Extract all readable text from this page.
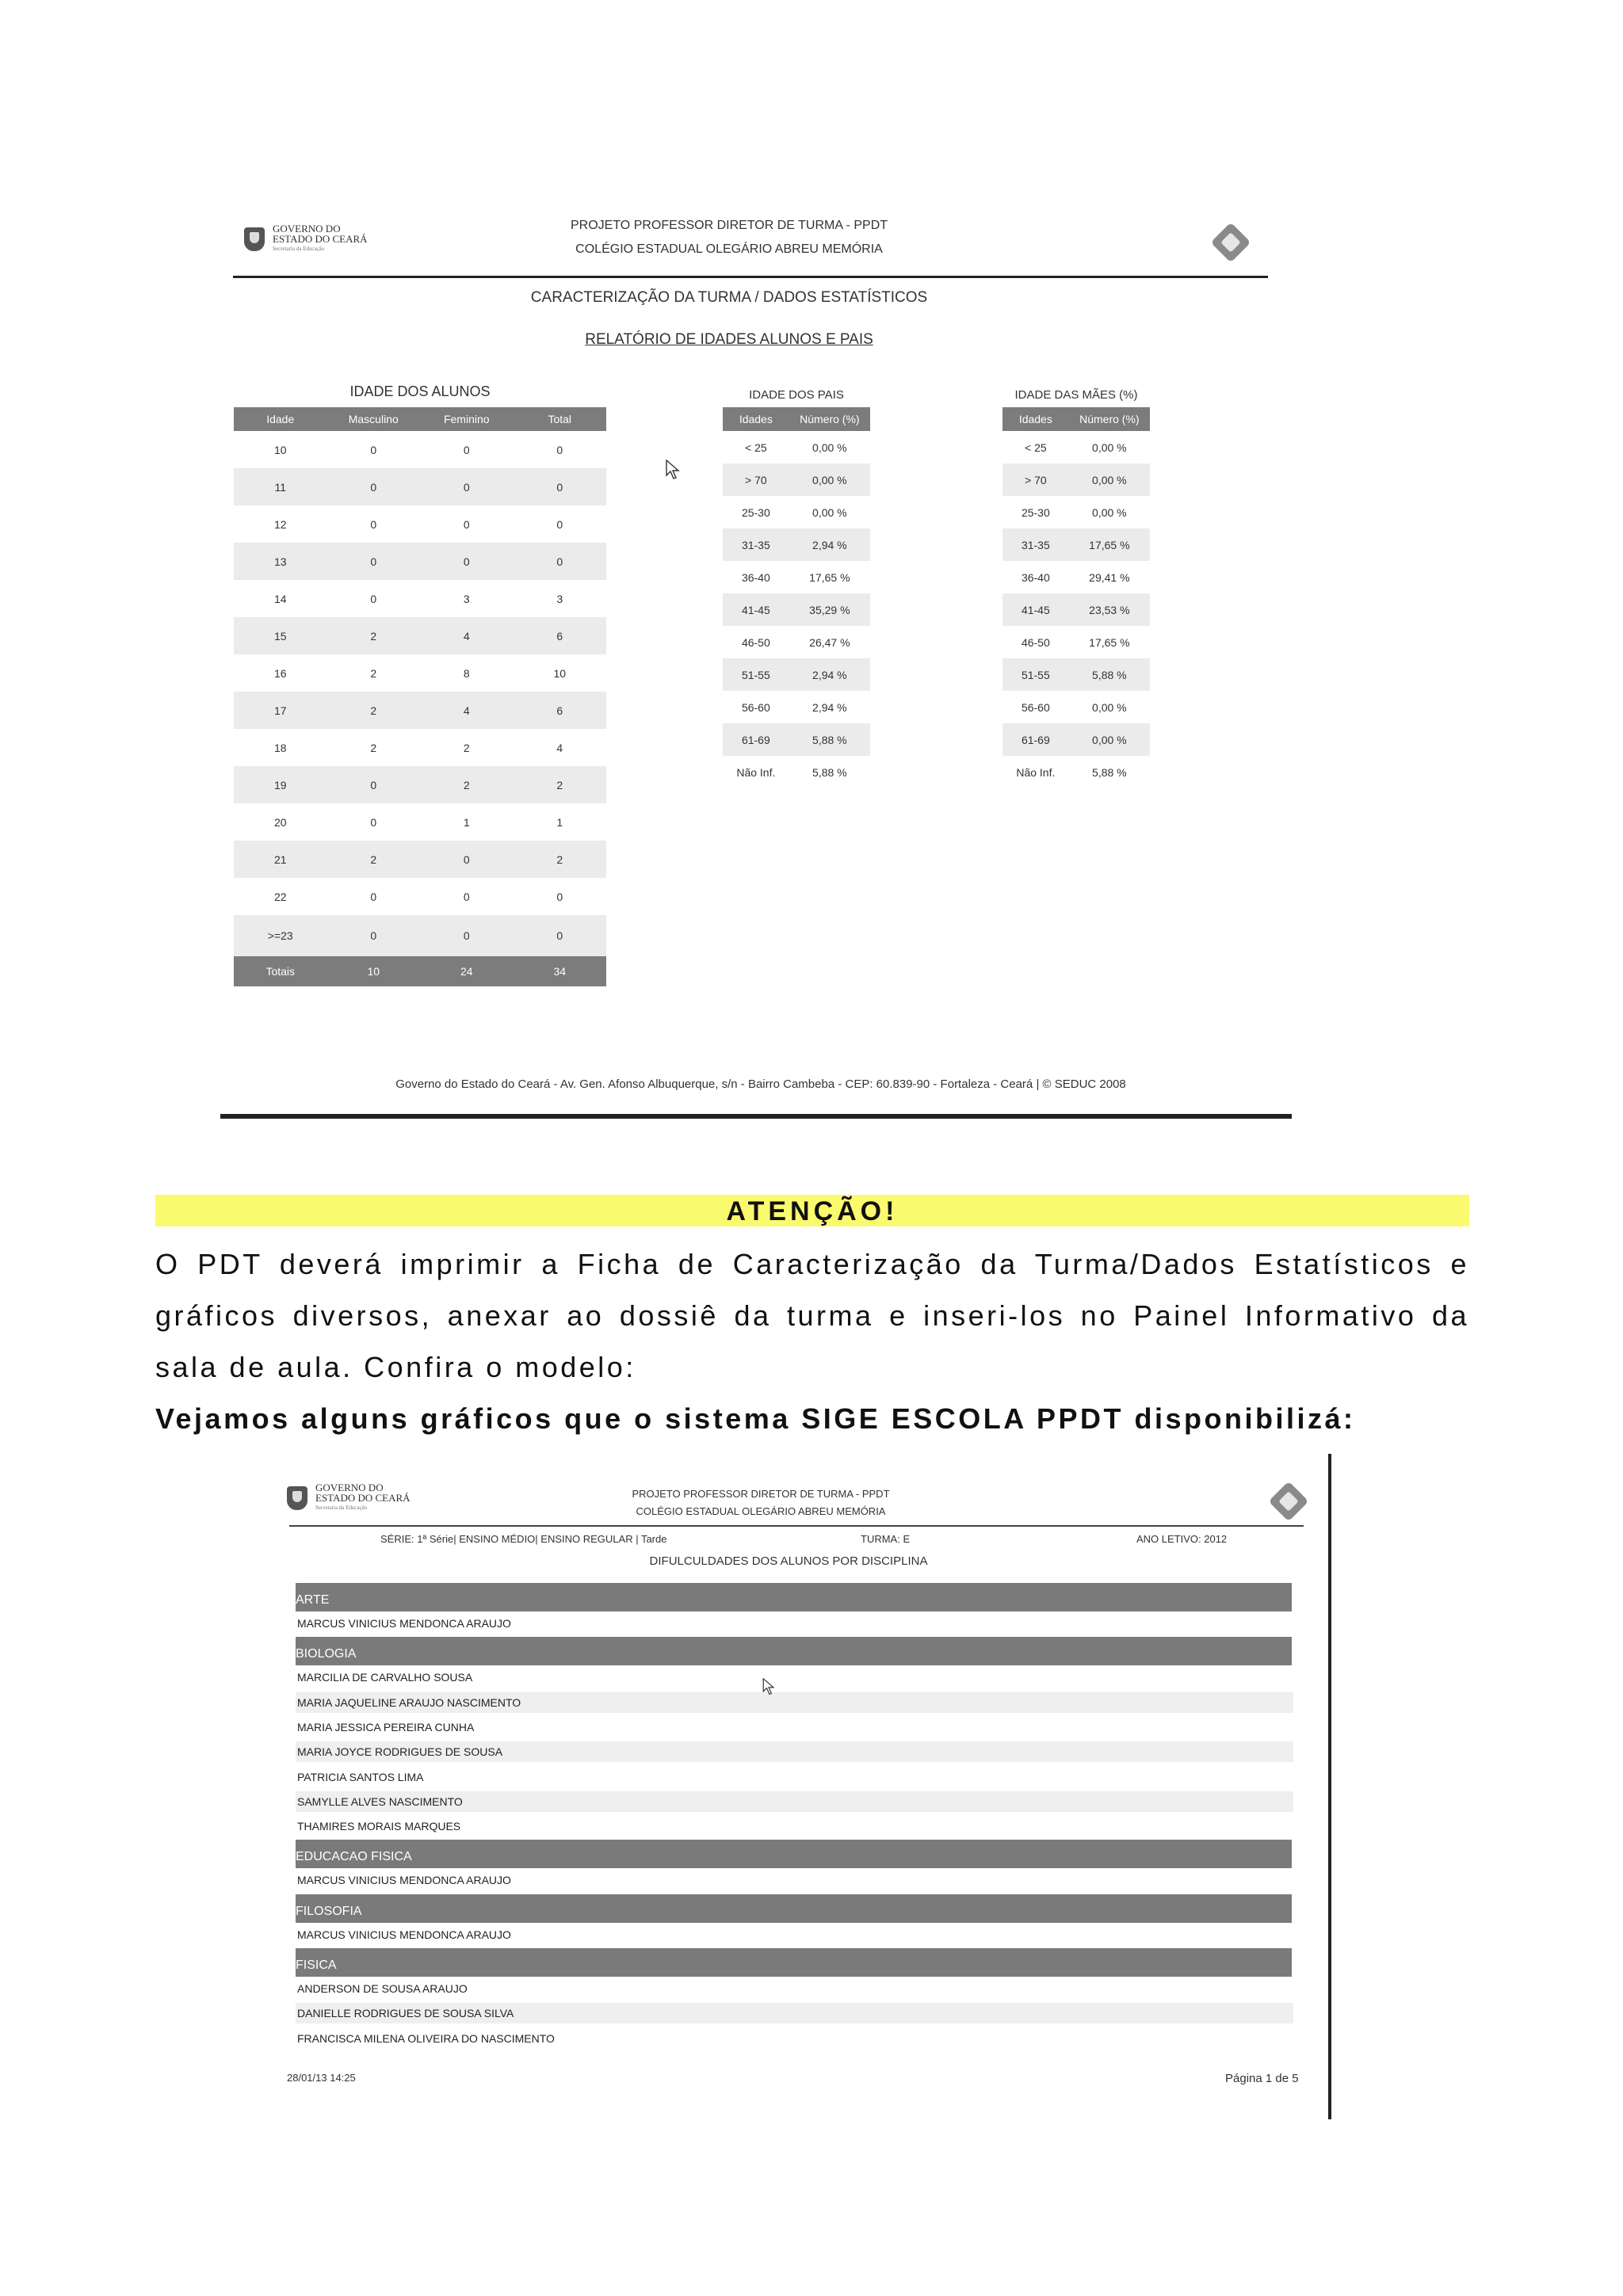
GOVERNO DO
ESTADO DO CEARÁ
Secretaria da Educação
PROJETO PROFESSOR DIRETOR DE TURMA - PPDT
COLÉGIO ESTADUAL OLEGÁRIO ABREU MEMÓRIA
CARACTERIZAÇÃO DA TURMA / DADOS ESTATÍSTICOS
RELATÓRIO DE IDADES ALUNOS E PAIS
IDADE DOS ALUNOS
Idade	Masculino	Feminino	Total
10	0	0	0
11	0	0	0
12	0	0	0
13	0	0	0
14	0	3	3
15	2	4	6
16	2	8	10
17	2	4	6
18	2	2	4
19	0	2	2
20	0	1	1
21	2	0	2
22	0	0	0
>=23	0	0	0
Totais	10	24	34
IDADE DOS PAIS
Idades	Número (%)
< 25	0,00 %
> 70	0,00 %
25-30	0,00 %
31-35	2,94 %
36-40	17,65 %
41-45	35,29 %
46-50	26,47 %
51-55	2,94 %
56-60	2,94 %
61-69	5,88 %
Não Inf.	5,88 %
IDADE DAS MÃES (%)
Idades	Número (%)
< 25	0,00 %
> 70	0,00 %
25-30	0,00 %
31-35	17,65 %
36-40	29,41 %
41-45	23,53 %
46-50	17,65 %
51-55	5,88 %
56-60	0,00 %
61-69	0,00 %
Não Inf.	5,88 %
Governo do Estado do Ceará - Av. Gen. Afonso Albuquerque, s/n - Bairro Cambeba - CEP: 60.839-90 - Fortaleza - Ceará | © SEDUC 2008
ATENÇÃO!
O PDT deverá imprimir a Ficha de Caracterização da Turma/Dados Estatísticos e
gráficos diversos, anexar ao dossiê da turma e inseri-los no Painel Informativo da
sala de aula. Confira o modelo:
Vejamos alguns gráficos que o sistema SIGE ESCOLA PPDT disponibilizá:
GOVERNO DO
ESTADO DO CEARÁ
Secretaria da Educação
PROJETO PROFESSOR DIRETOR DE TURMA - PPDT
COLÉGIO ESTADUAL OLEGÁRIO ABREU MEMÓRIA
SÉRIE: 1ª Série| ENSINO MÉDIO| ENSINO REGULAR | Tarde	TURMA: E	ANO LETIVO: 2012
DIFULCULDADES DOS ALUNOS POR DISCIPLINA
ARTE
MARCUS VINICIUS MENDONCA ARAUJO
BIOLOGIA
MARCILIA DE CARVALHO SOUSA
MARIA JAQUELINE ARAUJO NASCIMENTO
MARIA JESSICA PEREIRA CUNHA
MARIA JOYCE RODRIGUES DE SOUSA
PATRICIA SANTOS LIMA
SAMYLLE ALVES NASCIMENTO
THAMIRES MORAIS MARQUES
EDUCACAO FISICA
MARCUS VINICIUS MENDONCA ARAUJO
FILOSOFIA
MARCUS VINICIUS MENDONCA ARAUJO
FISICA
ANDERSON DE SOUSA ARAUJO
DANIELLE RODRIGUES DE SOUSA SILVA
FRANCISCA MILENA OLIVEIRA DO NASCIMENTO
28/01/13 14:25	Página 1 de 5
